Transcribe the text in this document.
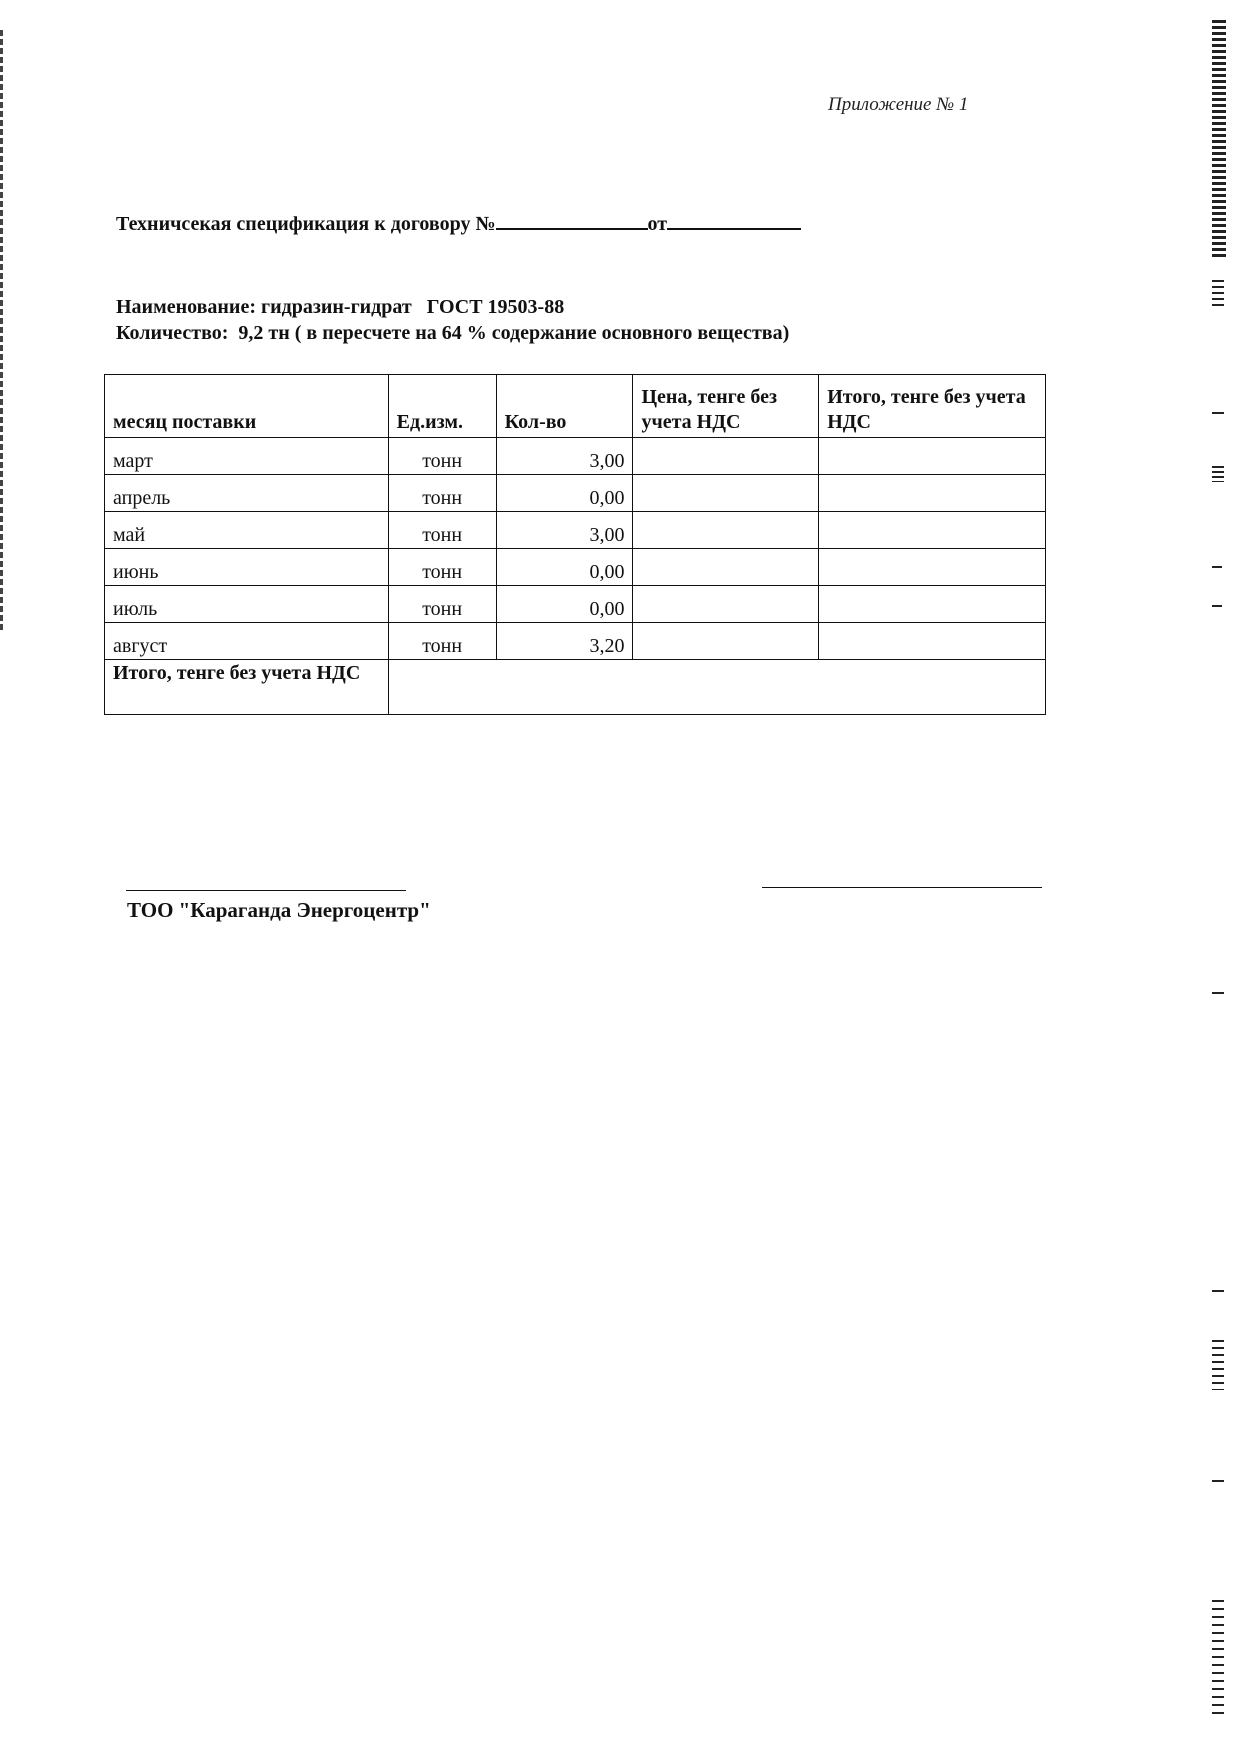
Приложение № 1
Техничсекая спецификация к договору №	от
Наименование: гидразин-гидрат   ГОСТ 19503-88
Количество:  9,2 тн ( в пересчете на 64 % содержание основного вещества)
месяц поставки	Ед.изм.	Кол-во	Цена, тенге без учета НДС	Итого, тенге без учета НДС
март	тонн	3,00		
апрель	тонн	0,00		
май	тонн	3,00		
июнь	тонн	0,00		
июль	тонн	0,00		
август	тонн	3,20		
Итого, тенге без учета НДС				
ТОО "Караганда Энергоцентр"
